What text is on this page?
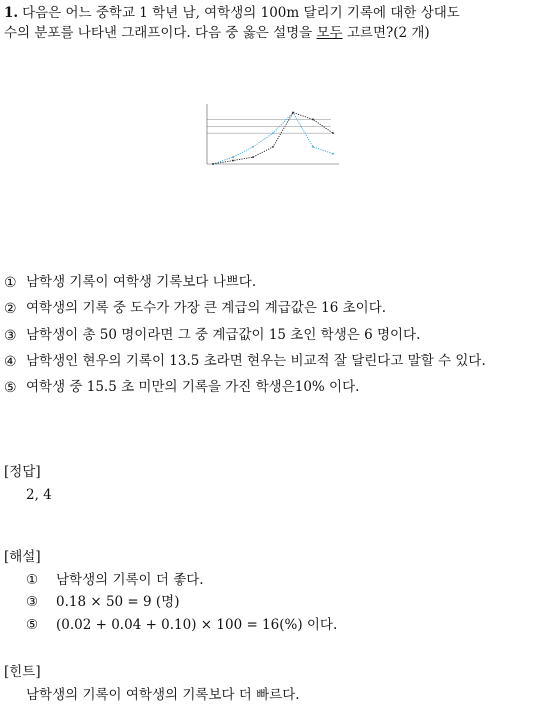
1. 다음은 어느 중학교 1 학년 남, 여학생의 100m 달리기 기록에 대한 상대도
수의 분포를 나타낸 그래프이다. 다음 중 옳은 설명을 모두 고르면?(2 개)
① 남학생 기록이 여학생 기록보다 나쁘다.
② 여학생의 기록 중 도수가 가장 큰 계급의 계급값은 16 초이다.
③ 남학생이 총 50 명이라면 그 중 계급값이 15 초인 학생은 6 명이다.
④ 남학생인 현우의 기록이 13.5 초라면 현우는 비교적 잘 달린다고 말할 수 있다.
⑤ 여학생 중 15.5 초 미만의 기록을 가진 학생은10% 이다.
[정답]
2, 4
[해설]
①	남학생의 기록이 더 좋다.
③	0.18 × 50 = 9 (명)
⑤	(0.02 + 0.04 + 0.10) × 100 = 16(%) 이다.
[힌트]
남학생의 기록이 여학생의 기록보다 더 빠르다.
